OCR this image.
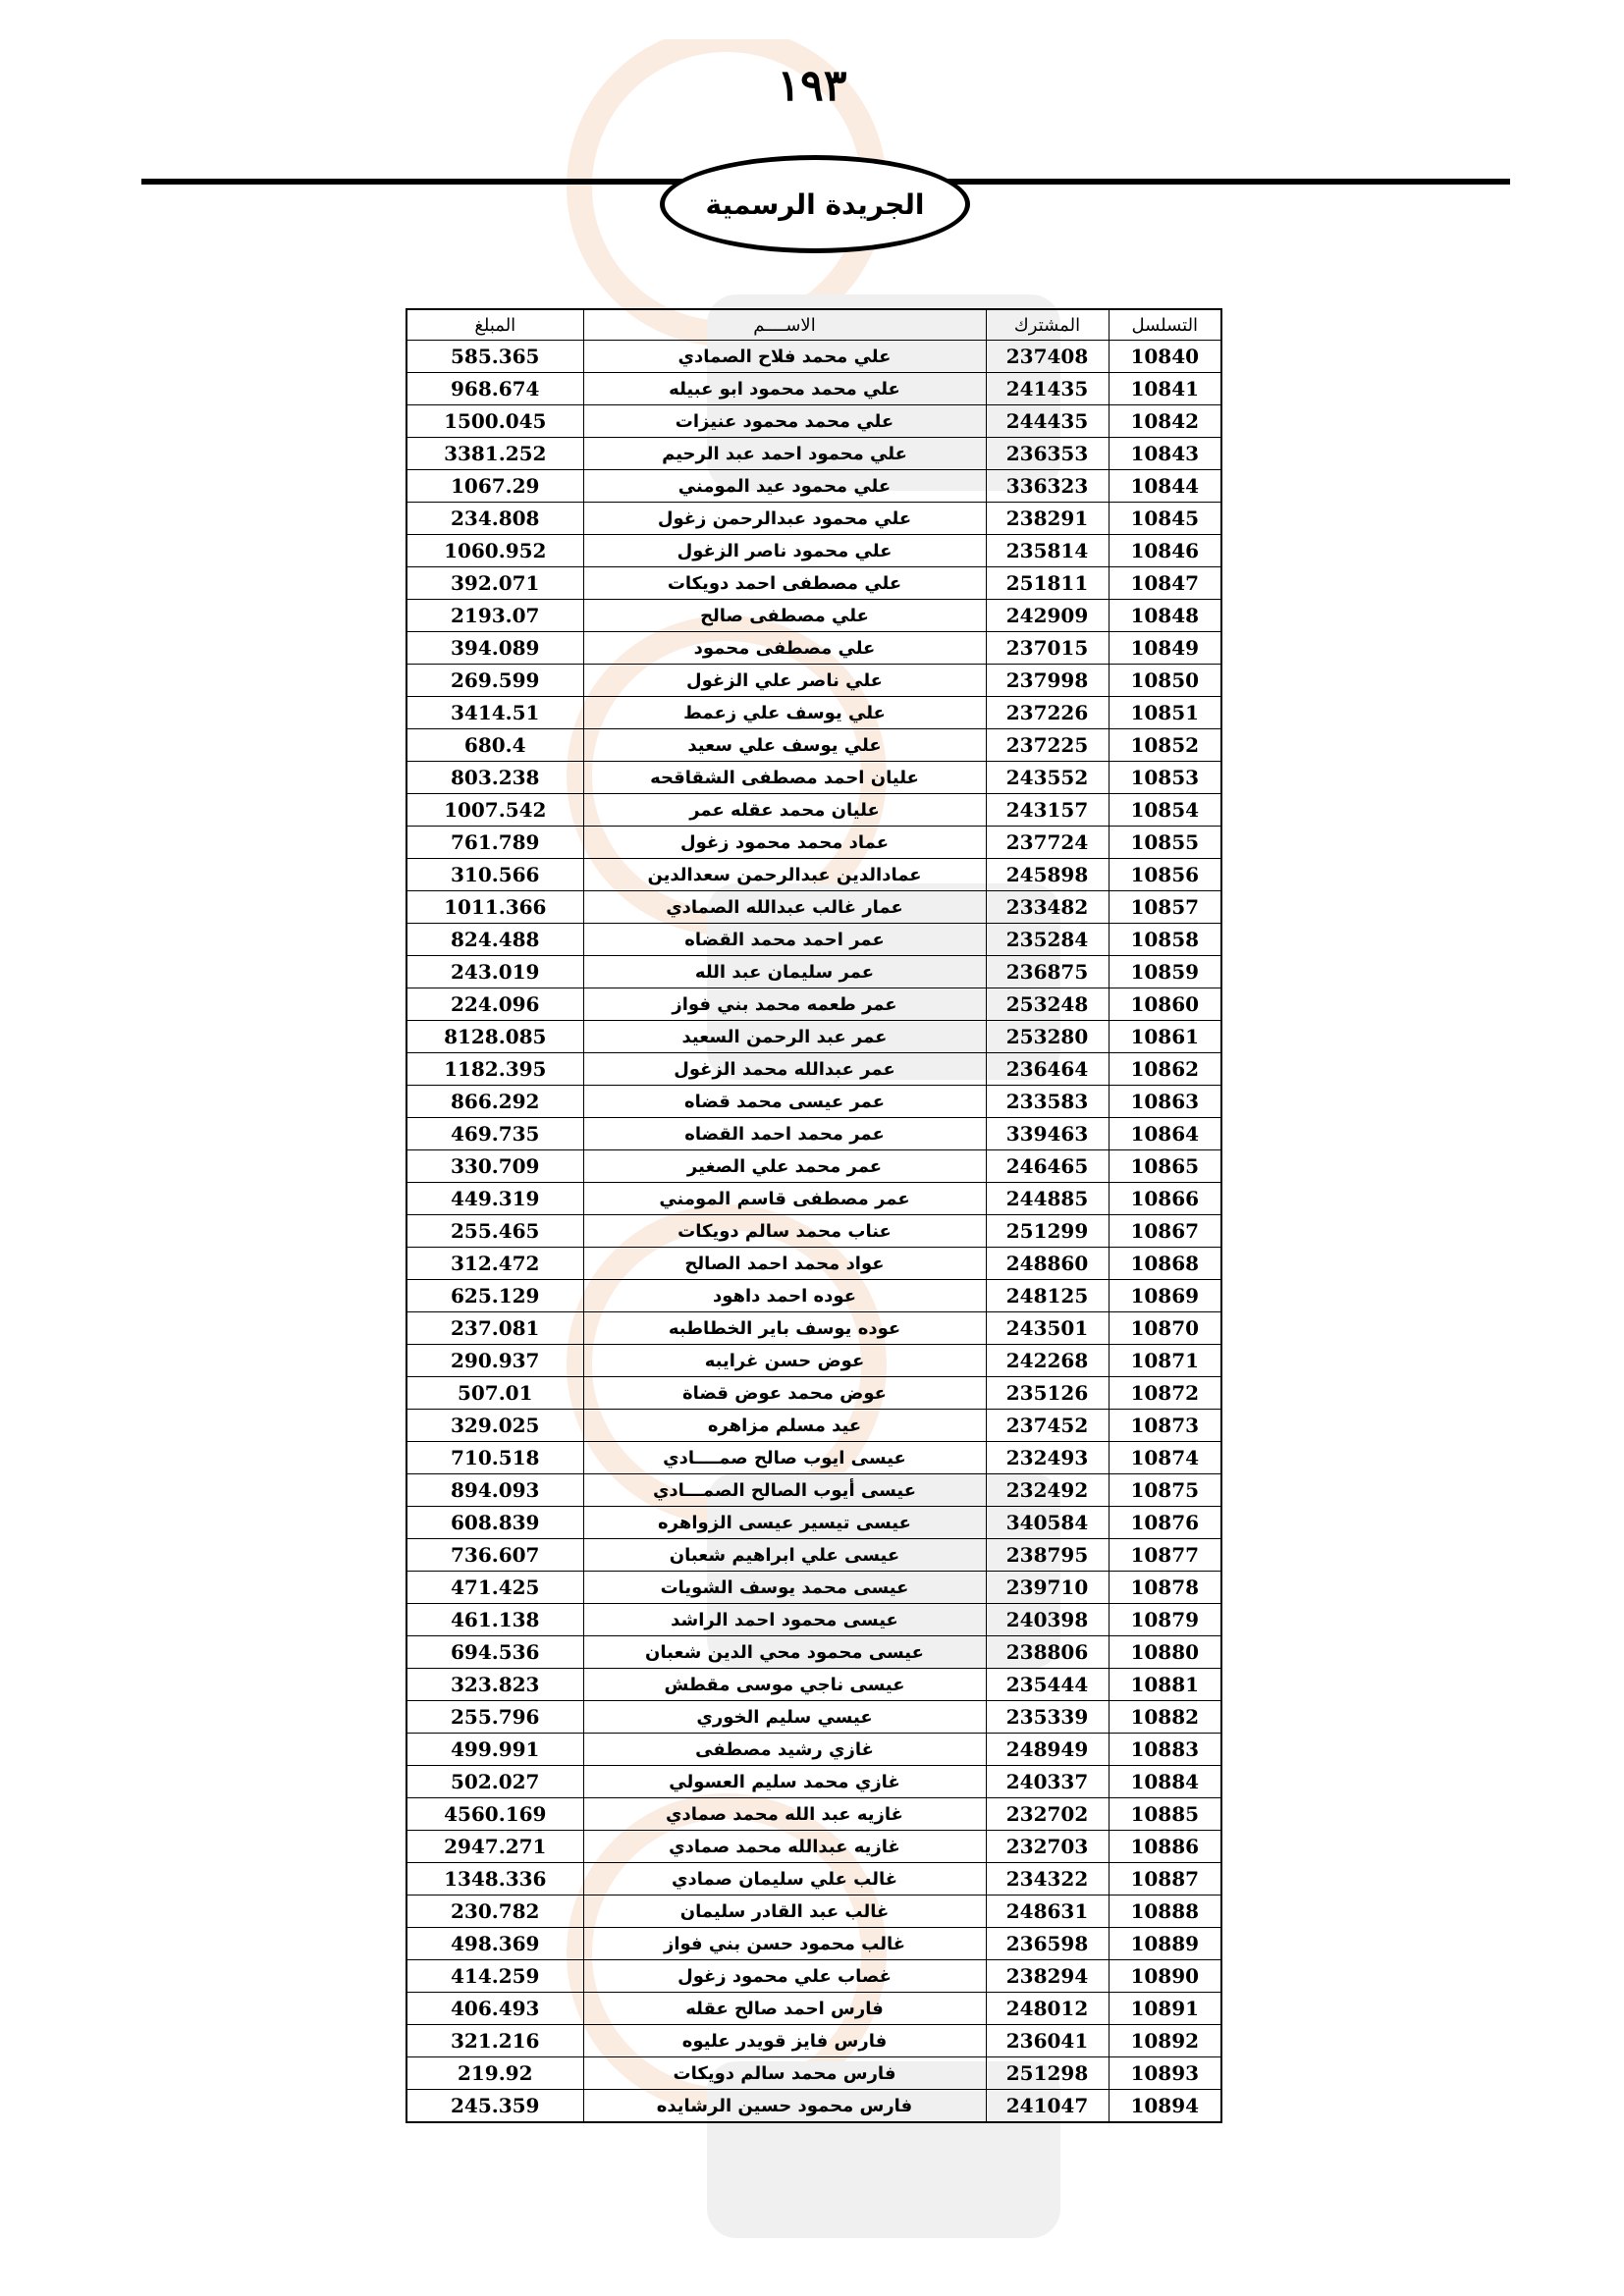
١٩٣
الجريدة الرسمية
التسلسل	المشترك	الاســــم	المبلغ
10840	237408	علي محمد فلاح الصمادي	585.365
10841	241435	علي محمد محمود ابو عبيله	968.674
10842	244435	علي محمد محمود عنيزات	1500.045
10843	236353	علي محمود احمد عبد الرحيم	3381.252
10844	336323	علي محمود عيد المومني	1067.29
10845	238291	علي محمود عبدالرحمن زغول	234.808
10846	235814	علي محمود ناصر الزغول	1060.952
10847	251811	علي مصطفى احمد دويكات	392.071
10848	242909	علي مصطفى صالح	2193.07
10849	237015	علي مصطفى محمود	394.089
10850	237998	علي ناصر علي الزغول	269.599
10851	237226	علي يوسف علي زعمط	3414.51
10852	237225	علي يوسف علي سعيد	680.4
10853	243552	عليان احمد مصطفى الشقاقحه	803.238
10854	243157	عليان محمد عقله عمر	1007.542
10855	237724	عماد محمد محمود زغول	761.789
10856	245898	عمادالدين عبدالرحمن سعدالدين	310.566
10857	233482	عمار غالب عبدالله الصمادي	1011.366
10858	235284	عمر احمد محمد القضاه	824.488
10859	236875	عمر سليمان عبد الله	243.019
10860	253248	عمر طعمه محمد بني فواز	224.096
10861	253280	عمر عبد الرحمن السعيد	8128.085
10862	236464	عمر عبدالله محمد الزغول	1182.395
10863	233583	عمر عيسى محمد قضاه	866.292
10864	339463	عمر محمد احمد القضاه	469.735
10865	246465	عمر محمد علي الصغير	330.709
10866	244885	عمر مصطفى قاسم المومني	449.319
10867	251299	عناب محمد سالم دويكات	255.465
10868	248860	عواد محمد احمد الصالح	312.472
10869	248125	عوده احمد داهود	625.129
10870	243501	عوده يوسف باير الخطاطبه	237.081
10871	242268	عوض حسن غرايبه	290.937
10872	235126	عوض محمد عوض قضاة	507.01
10873	237452	عيد مسلم مزاهره	329.025
10874	232493	عيسى ايوب صالح صمــــادي	710.518
10875	232492	عيسى أيوب الصالح الصمـــادي	894.093
10876	340584	عيسى تيسير عيسى الزواهره	608.839
10877	238795	عيسى علي ابراهيم شعبان	736.607
10878	239710	عيسى محمد يوسف الشويات	471.425
10879	240398	عيسى محمود احمد الراشد	461.138
10880	238806	عيسى محمود محي الدين شعبان	694.536
10881	235444	عيسى ناجي موسى مقطش	323.823
10882	235339	عيسي سليم الخوري	255.796
10883	248949	غازي رشيد مصطفى	499.991
10884	240337	غازي محمد سليم العسولي	502.027
10885	232702	غازيه عبد الله محمد صمادي	4560.169
10886	232703	غازيه عبدالله محمد صمادي	2947.271
10887	234322	غالب علي سليمان صمادي	1348.336
10888	248631	غالب عبد القادر سليمان	230.782
10889	236598	غالب محمود حسن بني فواز	498.369
10890	238294	غصاب علي محمود زغول	414.259
10891	248012	فارس احمد صالح عقله	406.493
10892	236041	فارس فايز قويدر عليوه	321.216
10893	251298	فارس محمد سالم دويكات	219.92
10894	241047	فارس محمود حسين الرشايده	245.359
